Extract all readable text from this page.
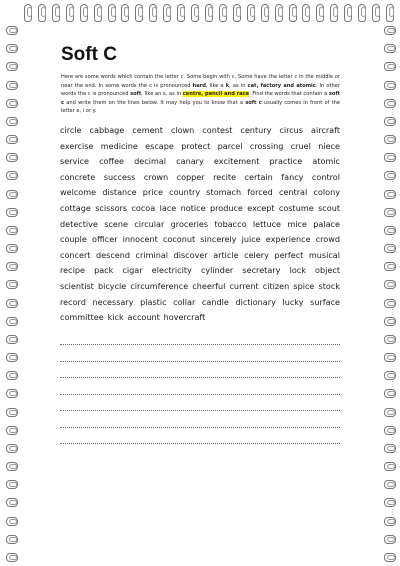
Soft C

Here are some words which contain the letter c. Some begin with c. Some have the letter c in the middle or near the end. In some words the c is pronounced hard, like a k, as in cat, factory and atomic. In other words the c is pronounced soft, like an s, as in centre, pencil and race. Find the words that contain a soft c and write them on the lines below. It may help you to know that a soft c usually comes in front of the letter e, i or y.

circle cabbage cement clown contest century circus aircraft exercise medicine escape protect parcel crossing cruel niece service coffee decimal canary excitement practice atomic concrete success crown copper recite certain fancy control welcome distance price country stomach forced central colony cottage scissors cocoa lace notice produce except costume scout detective scene circular groceries tobacco lettuce mice palace couple officer innocent coconut sincerely juice experience crowd concert descend criminal discover article celery perfect musical recipe pack cigar electricity cylinder secretary lock object scientist bicycle circumference cheerful current citizen spice stock record necessary plastic collar candle dictionary lucky surface committee kick account hovercraft
